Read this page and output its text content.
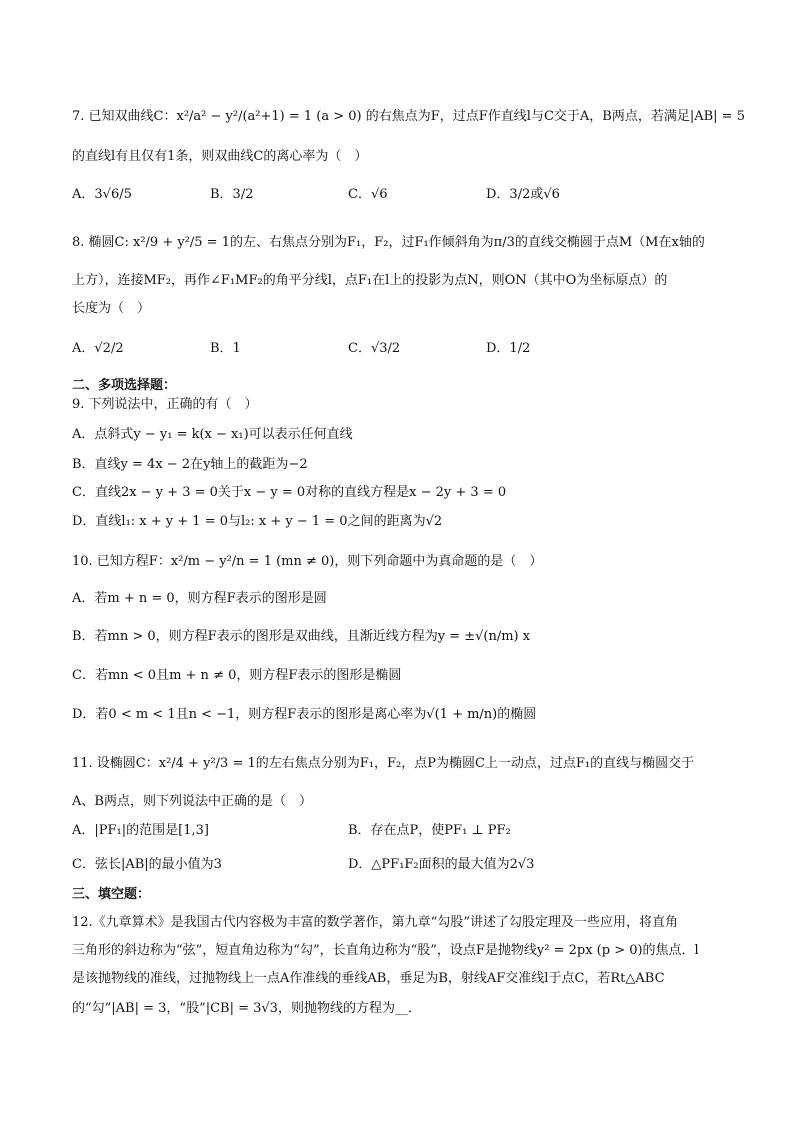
7. 已知双曲线C：x²/a² − y²/(a²+1) = 1 (a > 0) 的右焦点为F，过点F作直线l与C交于A，B两点，若满足|AB| = 5
的直线l有且仅有1条，则双曲线C的离心率为（　）
A．3√6/5	B．3/2	C．√6	D．3/2或√6
8. 椭圆C: x²/9 + y²/5 = 1的左、右焦点分别为F₁，F₂，过F₁作倾斜角为π/3的直线交椭圆于点M（M在x轴的
上方），连接MF₂，再作∠F₁MF₂的角平分线l，点F₁在l上的投影为点N，则ON（其中O为坐标原点）的
长度为（　）
A．√2/2	B．1	C．√3/2	D．1/2
二、多项选择题：
9. 下列说法中，正确的有（　）
A．点斜式y − y₁ = k(x − x₁)可以表示任何直线
B．直线y = 4x − 2在y轴上的截距为−2
C．直线2x − y + 3 = 0关于x − y = 0对称的直线方程是x − 2y + 3 = 0
D．直线l₁: x + y + 1 = 0与l₂: x + y − 1 = 0之间的距离为√2
10. 已知方程F：x²/m − y²/n = 1 (mn ≠ 0)，则下列命题中为真命题的是（　）
A．若m + n = 0，则方程F表示的图形是圆
B．若mn > 0，则方程F表示的图形是双曲线，且渐近线方程为y = ±√(n/m) x
C．若mn < 0且m + n ≠ 0，则方程F表示的图形是椭圆
D．若0 < m < 1且n < −1，则方程F表示的图形是离心率为√(1 + m/n)的椭圆
11. 设椭圆C：x²/4 + y²/3 = 1的左右焦点分别为F₁，F₂，点P为椭圆C上一动点，过点F₁的直线与椭圆交于
A、B两点，则下列说法中正确的是（　）
A．|PF₁|的范围是[1,3]	B．存在点P，使PF₁ ⊥ PF₂
C．弦长|AB|的最小值为3	D．△PF₁F₂面积的最大值为2√3
三、填空题：
12.《九章算术》是我国古代内容极为丰富的数学著作，第九章“勾股”讲述了勾股定理及一些应用，将直角
三角形的斜边称为“弦”，短直角边称为“勾”，长直角边称为“股”，设点F是抛物线y² = 2px (p > 0)的焦点．l
是该抛物线的准线，过抛物线上一点A作准线的垂线AB，垂足为B，射线AF交准线l于点C，若Rt△ABC
的“勾”|AB| = 3，“股”|CB| = 3√3，则抛物线的方程为__．
